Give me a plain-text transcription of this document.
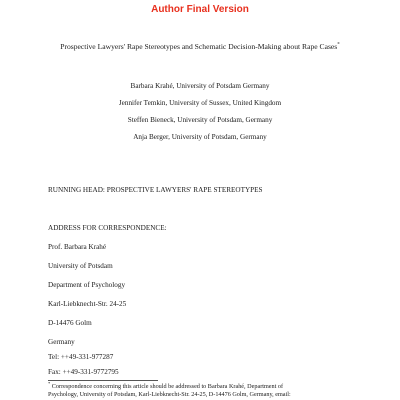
Author Final Version
Prospective Lawyers' Rape Stereotypes and Schematic Decision-Making about Rape Cases*
Barbara Krahé, University of Potsdam Germany
Jennifer Temkin, University of Sussex, United Kingdom
Steffen Bieneck, University of Potsdam, Germany
Anja Berger, University of Potsdam, Germany
RUNNING HEAD: PROSPECTIVE LAWYERS' RAPE STEREOTYPES
ADDRESS FOR CORRESPONDENCE:
Prof. Barbara Krahé
University of Potsdam
Department of Psychology
Karl-Liebknecht-Str. 24-25
D-14476 Golm
Germany
Tel: ++49-331-977287
Fax: ++49-331-9772795
* Correspondence concerning this article should be addressed to Barbara Krahé, Department of
Psychology, University of Potsdam, Karl-Liebknecht-Str. 24-25, D-14476 Golm, Germany, email:
